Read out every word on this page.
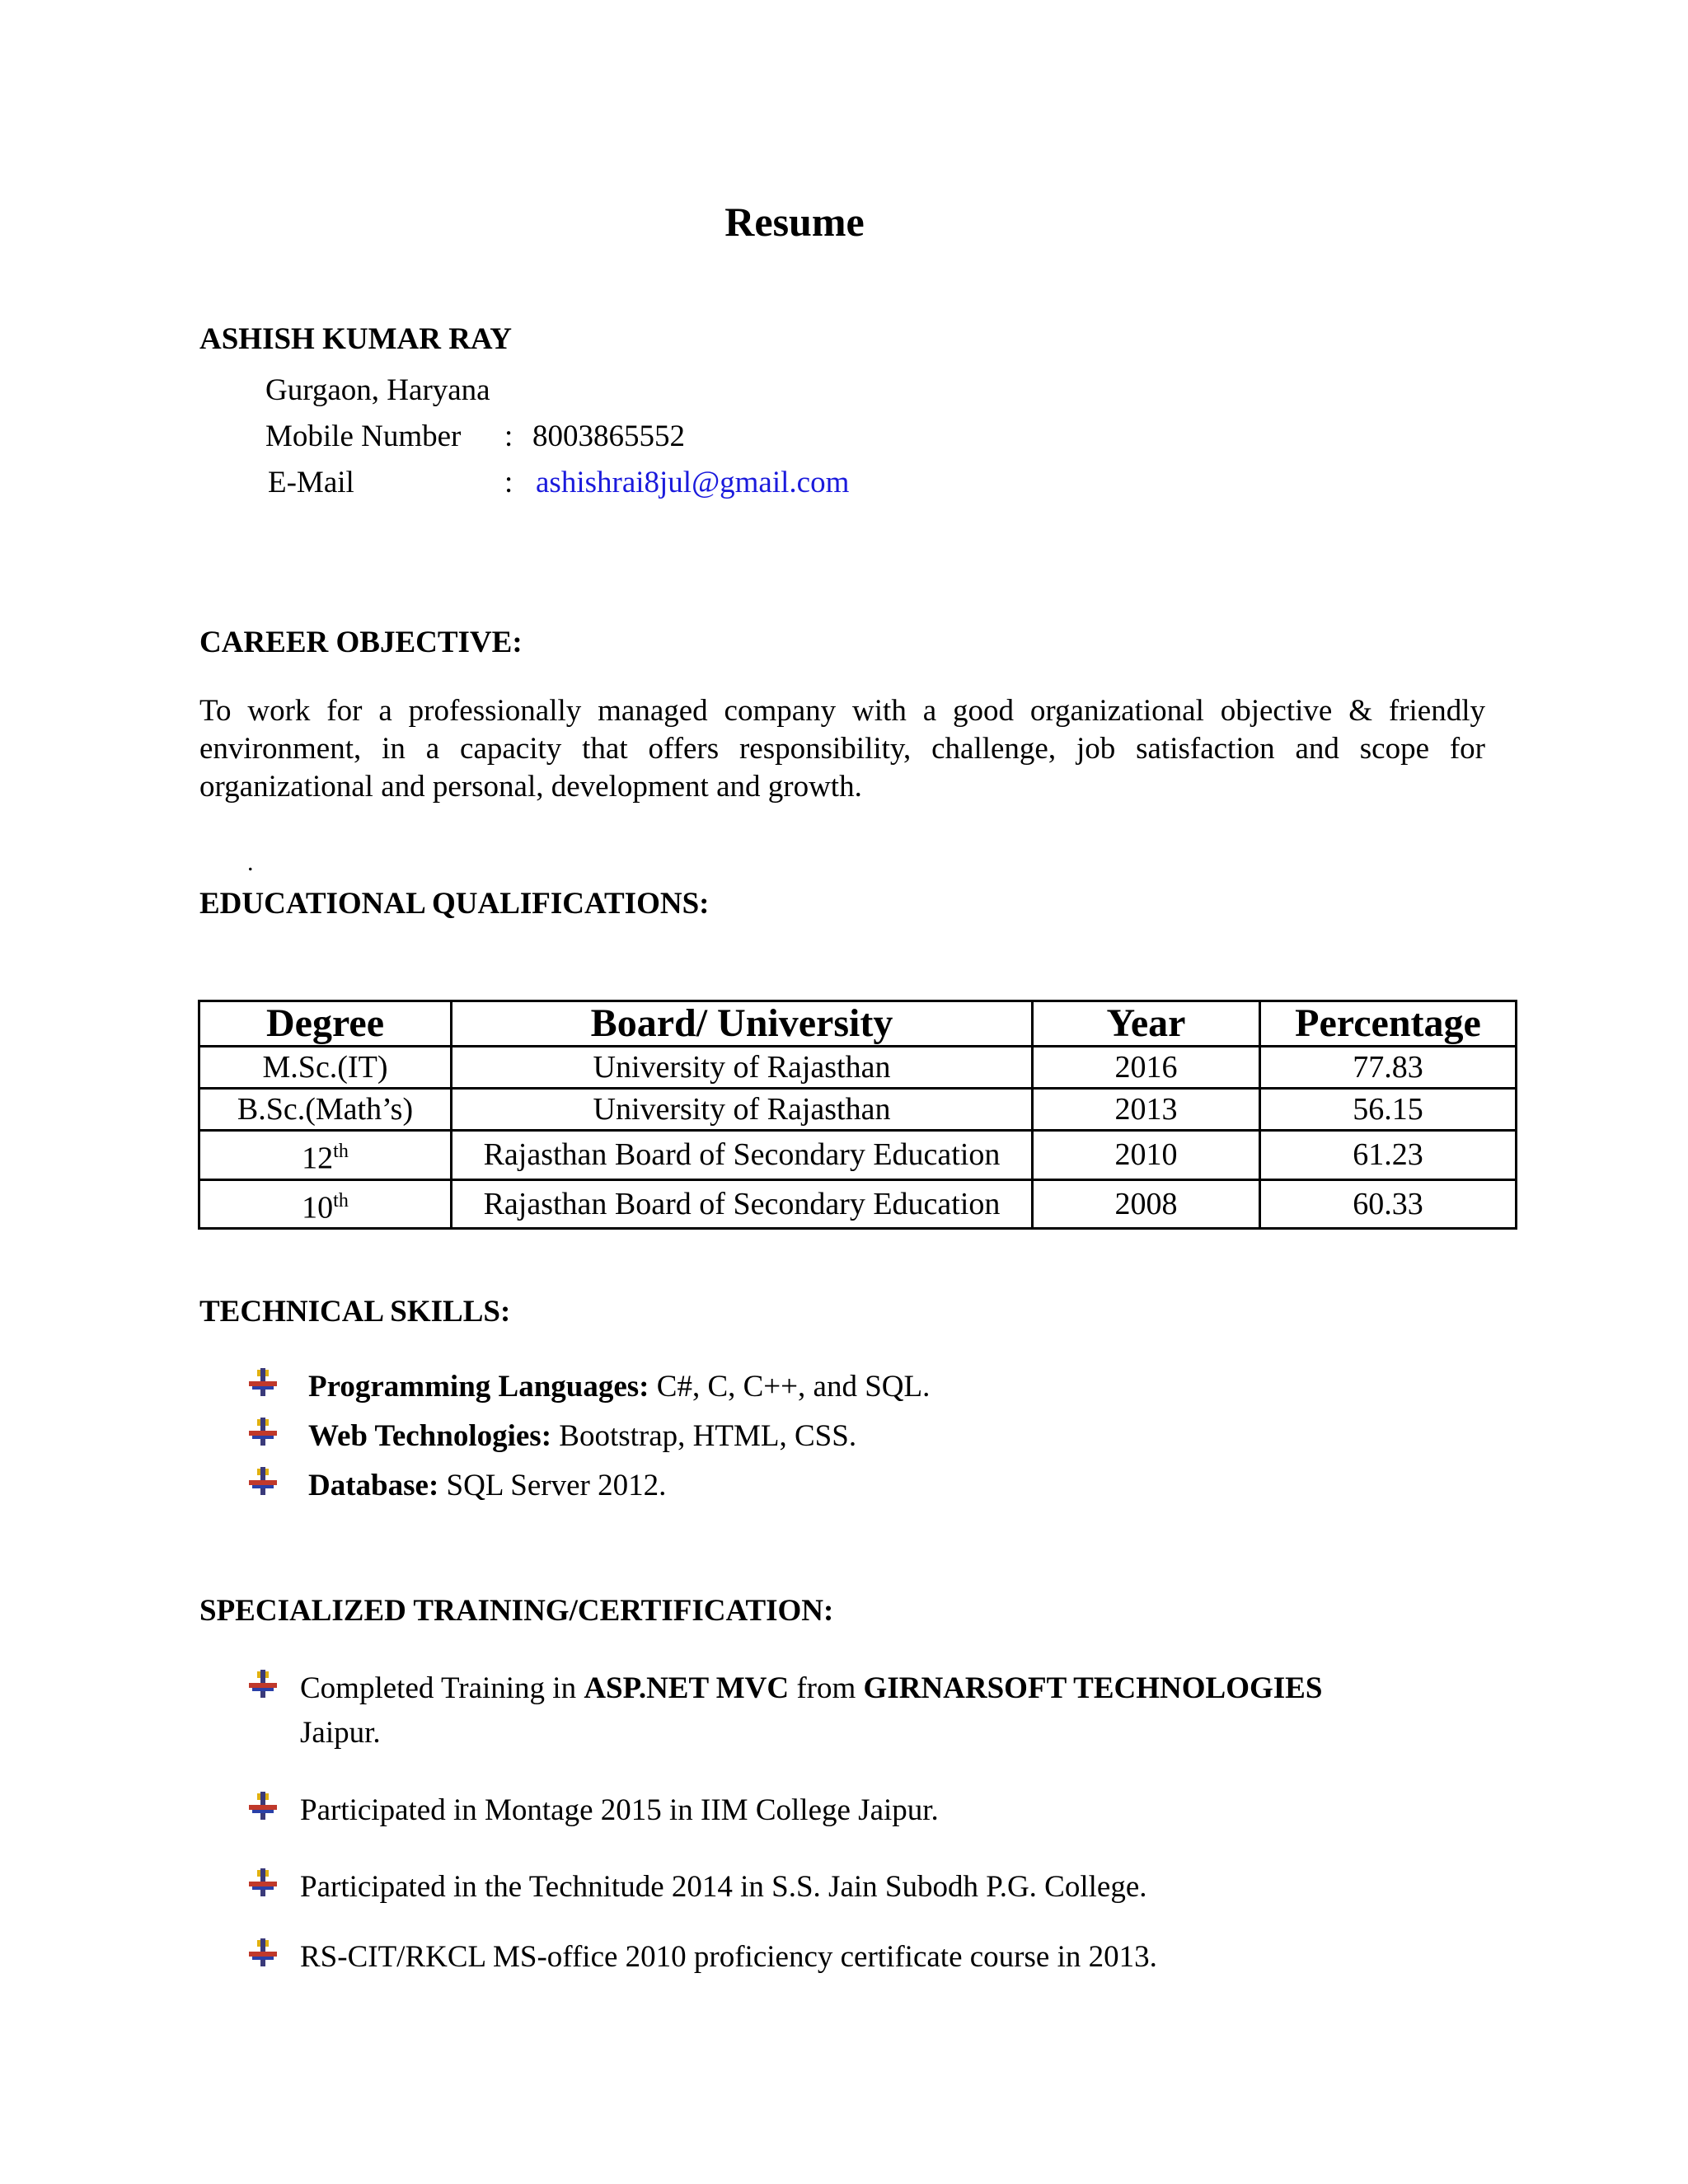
Resume
ASHISH KUMAR RAY
Gurgaon, Haryana
Mobile Number : 8003865552
E-Mail	: ashishrai8jul@gmail.com
CAREER OBJECTIVE:
To work for a professionally managed company with a good organizational objective & friendly environment, in a capacity that offers responsibility, challenge, job satisfaction and scope for organizational and personal, development and growth.
.
EDUCATIONAL QUALIFICATIONS:
Degree	Board/ University	Year	Percentage
M.Sc.(IT)	University of Rajasthan	2016	77.83
B.Sc.(Math’s)	University of Rajasthan	2013	56.15
12th	Rajasthan Board of Secondary Education	2010	61.23
10th	Rajasthan Board of Secondary Education	2008	60.33
TECHNICAL SKILLS:
Programming Languages: C#, C, C++, and SQL.
Web Technologies: Bootstrap, HTML, CSS.
Database: SQL Server 2012.
SPECIALIZED TRAINING/CERTIFICATION:
Completed Training in ASP.NET MVC from GIRNARSOFT TECHNOLOGIES
Jaipur.
Participated in Montage 2015 in IIM College Jaipur.
Participated in the Technitude 2014 in S.S. Jain Subodh P.G. College.
RS-CIT/RKCL MS-office 2010 proficiency certificate course in 2013.
